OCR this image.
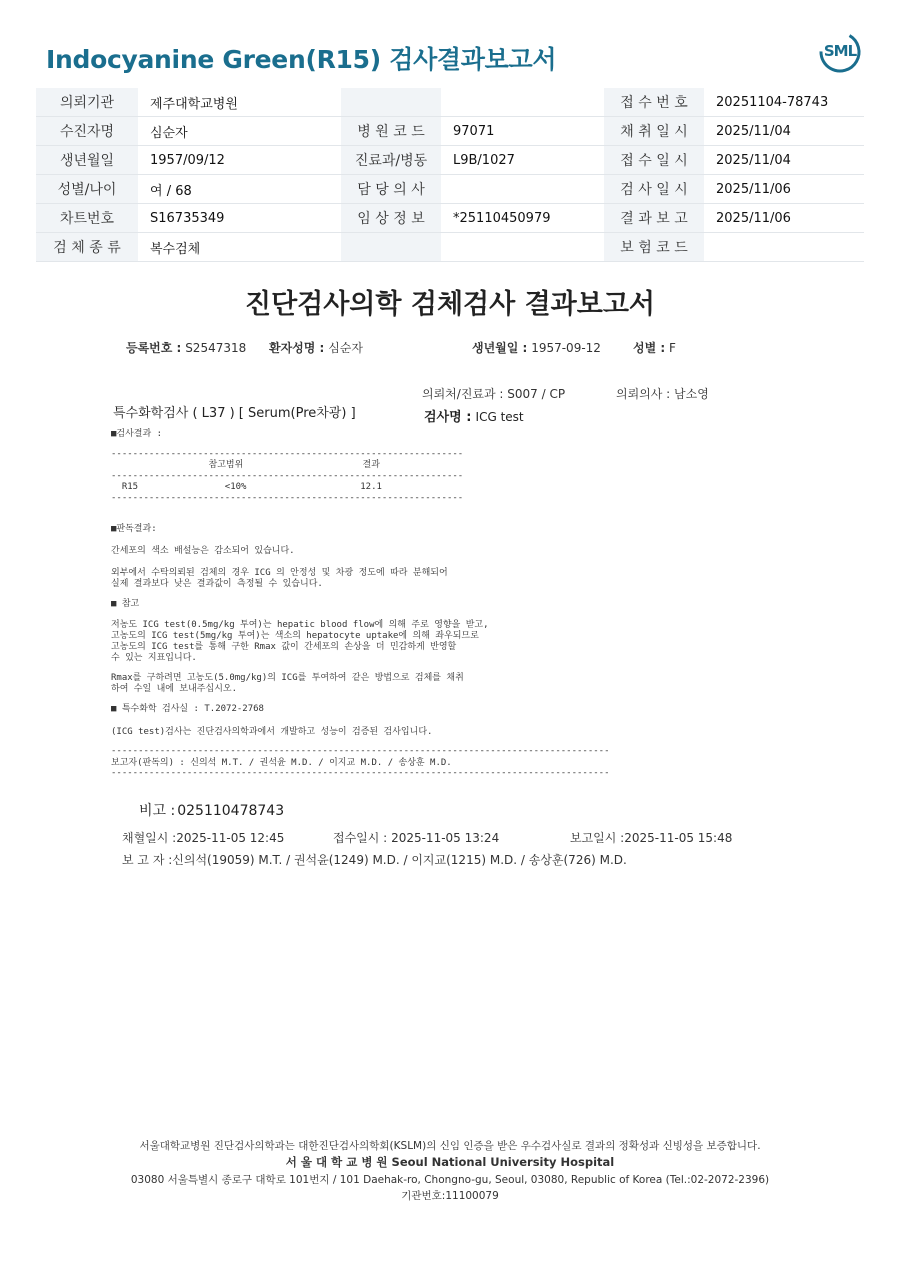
Indocyanine Green(R15) 검사결과보고서	SML
의뢰기관	제주대학교병원			접 수 번 호	20251104-78743
수진자명	심순자	병 원 코 드	97071	채 취 일 시	2025/11/04
생년월일	1957/09/12	진료과/병동	L9B/1027	접 수 일 시	2025/11/04
성별/나이	여 / 68	담 당 의 사		검 사 일 시	2025/11/06
차트번호	S16735349	임 상 정 보	*25110450979	결 과 보 고	2025/11/06
검 체 종 류	복수검체			보 험 코 드	
진단검사의학 검체검사 결과보고서
등록번호 : S2547318 환자성명 : 심순자	생년월일 : 1957-09-12	성별 : F
의뢰처/진료과 : S007 / CP	의뢰의사 : 남소영
특수화학검사 ( L37 ) [ Serum(Pre차광) ]	검사명 : ICG test
■검사결과 :
-----------------------------------------------------------------
참고범위                      결과
-----------------------------------------------------------------
R15                <10%                     12.1
-----------------------------------------------------------------
■판독결과:
간세포의 색소 배설능은 감소되어 있습니다.
외부에서 수탁의뢰된 검체의 경우 ICG 의 안정성 및 차광 정도에 따라 분해되어
실제 결과보다 낮은 결과값이 측정될 수 있습니다.
■ 참고
저농도 ICG test(0.5mg/kg 투여)는 hepatic blood flow에 의해 주로 영향을 받고,
고농도의 ICG test(5mg/kg 투여)는 색소의 hepatocyte uptake에 의해 좌우되므로
고농도의 ICG test를 통해 구한 Rmax 값이 간세포의 손상을 더 민감하게 반영할
수 있는 지표입니다.
Rmax를 구하려면 고농도(5.0mg/kg)의 ICG를 투여하여 같은 방법으로 검체를 채취
하여 수일 내에 보내주십시오.
■ 특수화학 검사실 : T.2072-2768
(ICG test)검사는 진단검사의학과에서 개발하고 성능이 검증된 검사입니다.
--------------------------------------------------------------------------------------------
보고자(판독의) : 신의석 M.T. / 권석윤 M.D. / 이지교 M.D. / 송상훈 M.D.
--------------------------------------------------------------------------------------------
비고 : 025110478743
채혈일시 :2025-11-05 12:45	접수일시 : 2025-11-05 13:24	보고일시 :2025-11-05 15:48
보 고 자 :신의석(19059) M.T. / 권석윤(1249) M.D. / 이지교(1215) M.D. / 송상훈(726) M.D.
서울대학교병원 진단검사의학과는 대한진단검사의학회(KSLM)의 신임 인증을 받은 우수검사실로 결과의 정확성과 신빙성을 보증합니다.
서 울 대 학 교 병 원 Seoul National University Hospital
03080 서울특별시 종로구 대학로 101번지 / 101 Daehak-ro, Chongno-gu, Seoul, 03080, Republic of Korea (Tel.:02-2072-2396)
기관번호:11100079
